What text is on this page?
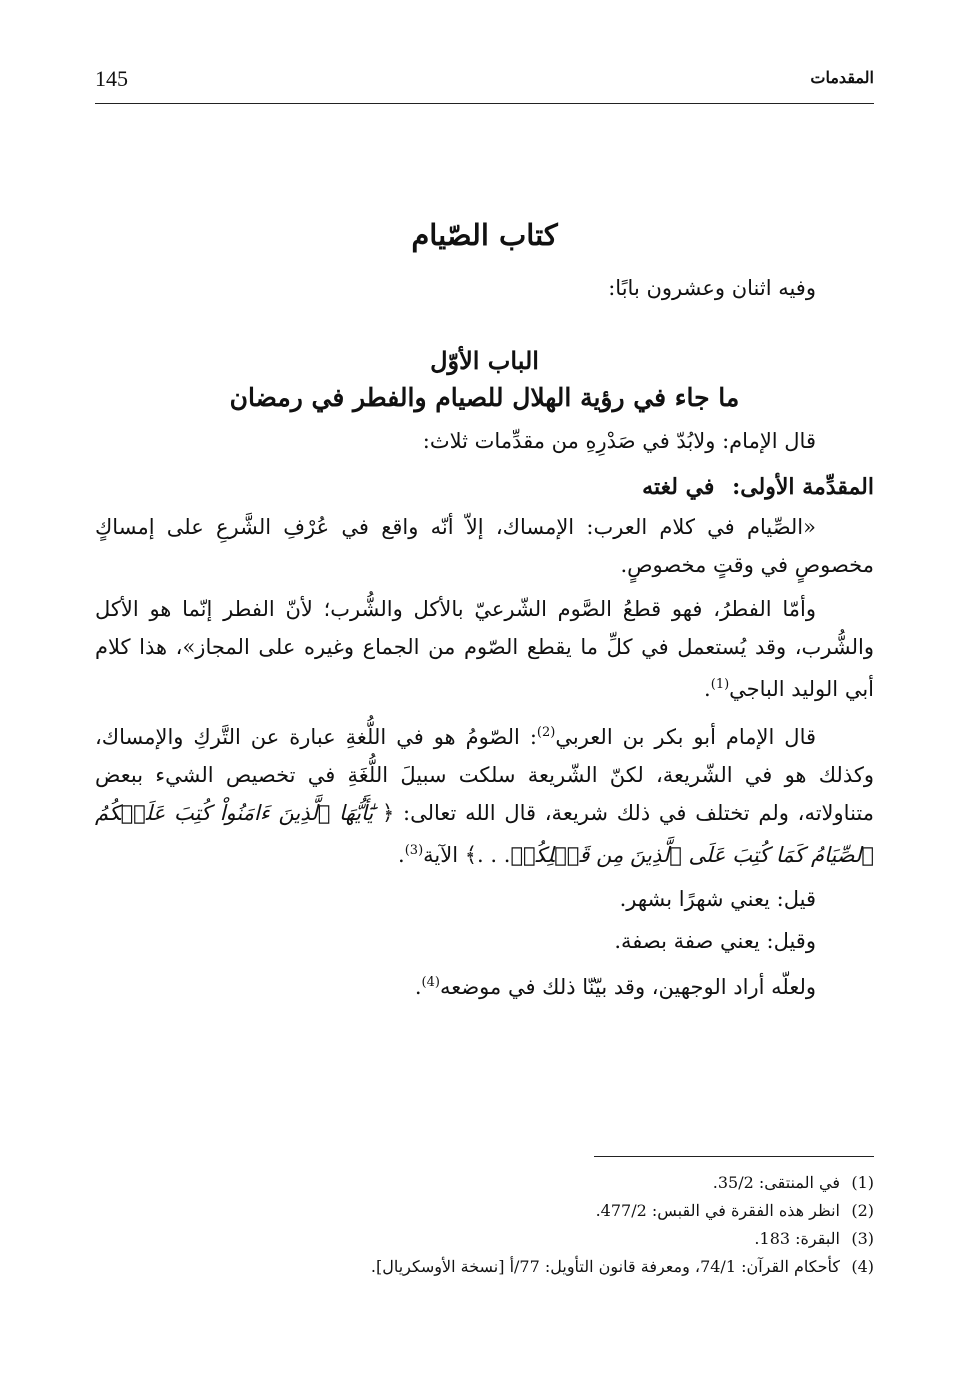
145	المقدمات
كتاب الصّيام
وفيه اثنان وعشرون بابًا:
الباب الأوّل
ما جاء في رؤية الهلال للصيام والفطر في رمضان

قال الإمام: ولابُدّ في صَدْرِهِ من مقدِّمات ثلاث:

المقدِّمة الأولى: في لغته

«الصِّيام في كلام العرب: الإمساك، إلاّ أنّه واقع في عُرْفِ الشَّرعِ على إمساكٍ مخصوصٍ في وقتٍ مخصوصٍ.

وأمّا الفطرُ، فهو قطعُ الصَّوم الشّرعيّ بالأكل والشُّرب؛ لأنّ الفطر إنّما هو الأكل والشُّرب، وقد يُستعمل في كلِّ ما يقطع الصّوم من الجماع وغيره على المجاز»، هذا كلام أبي الوليد الباجي$^{(1)}$.

قال الإمام أبو بكر بن العربي$^{(2)}$: الصّومُ هو في اللُّغةِ عبارة عن التَّركِ والإمساك، وكذلك هو في الشّريعة، لكنّ الشّريعة سلكت سبيلَ اللُّغَةِ في تخصيص الشيء ببعض متناولاته، ولم تختلف في ذلك شريعة، قال الله تعالى: ﴿ يَٰٓأَيُّهَا ٱلَّذِينَ ءَامَنُواْ كُتِبَ عَلَيۡكُمُ ٱلصِّيَامُ كَمَا كُتِبَ عَلَى ٱلَّذِينَ مِن قَبۡلِكُمۡ. . .﴾ الآية$^{(3)}$.

قيل: يعني شهرًا بشهر.
وقيل: يعني صفة بصفة.
ولعلّه أراد الوجهين، وقد بيّنّا ذلك في موضعه$^{(4)}$.
(1)في المنتقى: 35/2.
(2)انظر هذه الفقرة في القبس: 477/2.
(3)البقرة: 183.
(4)كأحكام القرآن: 74/1، ومعرفة قانون التأويل: 77/أ [نسخة الأوسكريال].
